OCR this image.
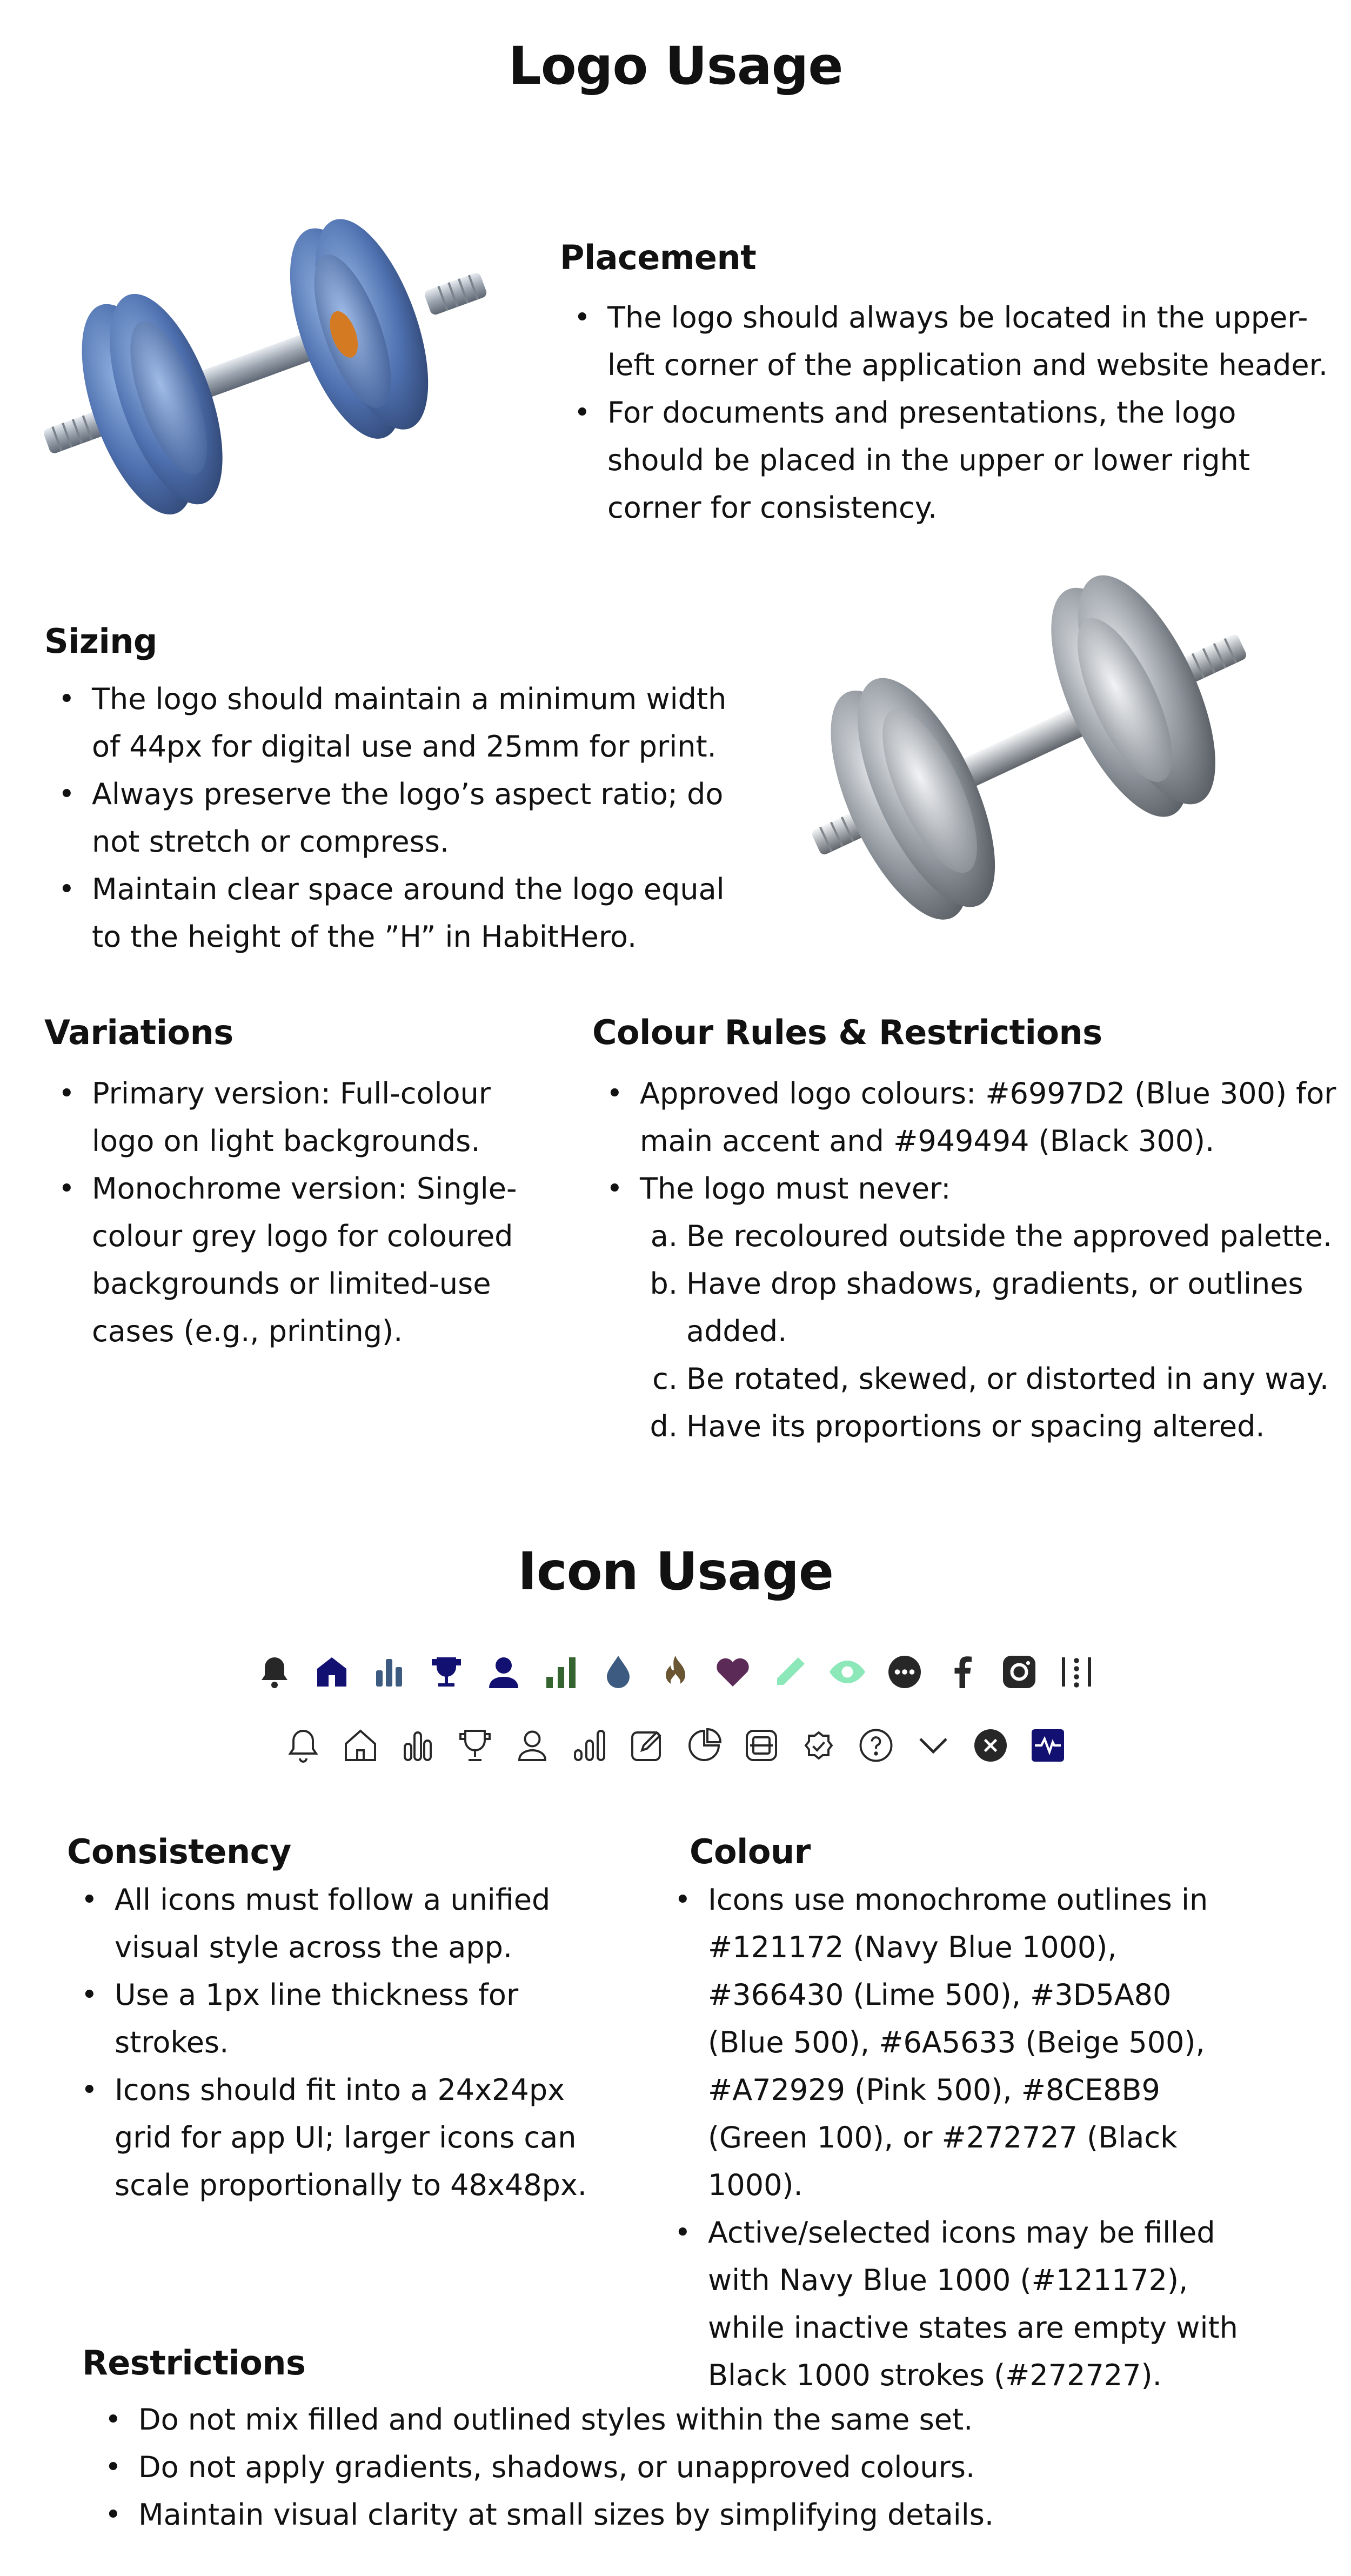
Logo Usage
Placement
• The logo should always be located in the upper-left corner of the application and website header.
• For documents and presentations, the logo should be placed in the upper or lower right corner for consistency.
Sizing
• The logo should maintain a minimum width of 44px for digital use and 25mm for print.
• Always preserve the logo’s aspect ratio; do not stretch or compress.
• Maintain clear space around the logo equal to the height of the ”H” in HabitHero.
Variations
• Primary version: Full-colour logo on light backgrounds.
• Monochrome version: Single-colour grey logo for coloured backgrounds or limited-use cases (e.g., printing).
Colour Rules & Restrictions
• Approved logo colours: #6997D2 (Blue 300) for main accent and #949494 (Black 300).
• The logo must never:
a. Be recoloured outside the approved palette.
b. Have drop shadows, gradients, or outlines added.
c. Be rotated, skewed, or distorted in any way.
d. Have its proportions or spacing altered.
Icon Usage
Consistency
• All icons must follow a unified visual style across the app.
• Use a 1px line thickness for strokes.
• Icons should fit into a 24x24px grid for app UI; larger icons can scale proportionally to 48x48px.
Colour
• Icons use monochrome outlines in #121172 (Navy Blue 1000), #366430 (Lime 500), #3D5A80 (Blue 500), #6A5633 (Beige 500), #A72929 (Pink 500), #8CE8B9 (Green 100), or #272727 (Black 1000).
• Active/selected icons may be filled with Navy Blue 1000 (#121172), while inactive states are empty with Black 1000 strokes (#272727).
Restrictions
• Do not mix filled and outlined styles within the same set.
• Do not apply gradients, shadows, or unapproved colours.
• Maintain visual clarity at small sizes by simplifying details.
